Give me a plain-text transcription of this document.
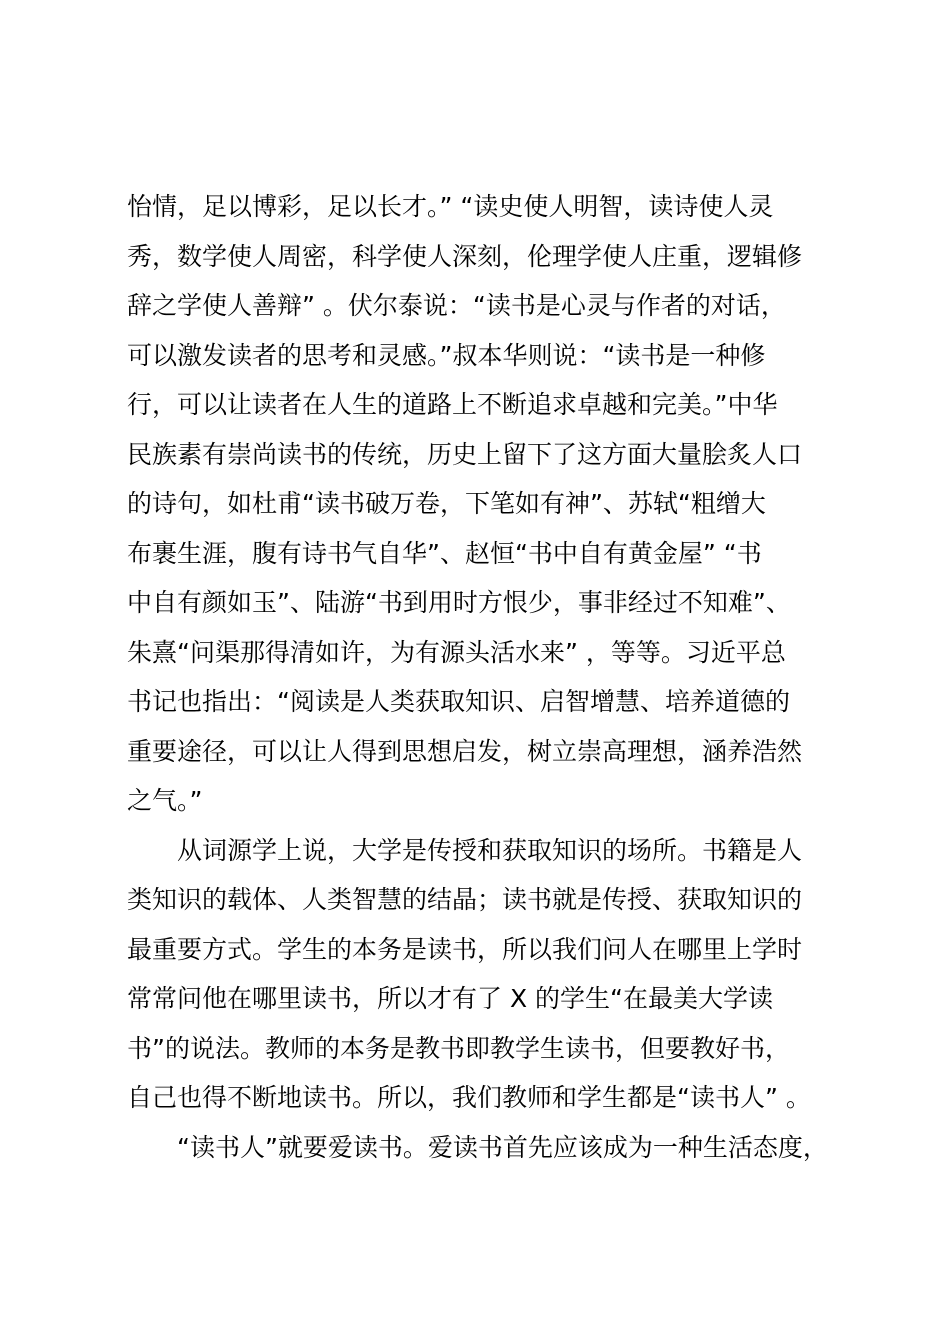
怡情，足以博彩，足以长才。” “读史使人明智，读诗使人灵
秀，数学使人周密，科学使人深刻，伦理学使人庄重，逻辑修
辞之学使人善辩” 。伏尔泰说：“读书是心灵与作者的对话，
可以激发读者的思考和灵感。”叔本华则说：“读书是一种修
行，可以让读者在人生的道路上不断追求卓越和完美。”中华
民族素有崇尚读书的传统，历史上留下了这方面大量脍炙人口
的诗句，如杜甫“读书破万卷，下笔如有神”、苏轼“粗缯大
布裹生涯，腹有诗书气自华”、赵恒“书中自有黄金屋” “书
中自有颜如玉”、陆游“书到用时方恨少，事非经过不知难”、
朱熹“问渠那得清如许，为有源头活水来” ，等等。习近平总
书记也指出：“阅读是人类获取知识、启智增慧、培养道德的
重要途径，可以让人得到思想启发，树立崇高理想，涵养浩然
之气。”
从词源学上说，大学是传授和获取知识的场所。书籍是人
类知识的载体、人类智慧的结晶；读书就是传授、获取知识的
最重要方式。学生的本务是读书，所以我们问人在哪里上学时
常常问他在哪里读书，所以才有了 X 的学生“在最美大学读
书”的说法。教师的本务是教书即教学生读书，但要教好书，
自己也得不断地读书。所以，我们教师和学生都是“读书人” 。
“读书人”就要爱读书。爱读书首先应该成为一种生活态度，
